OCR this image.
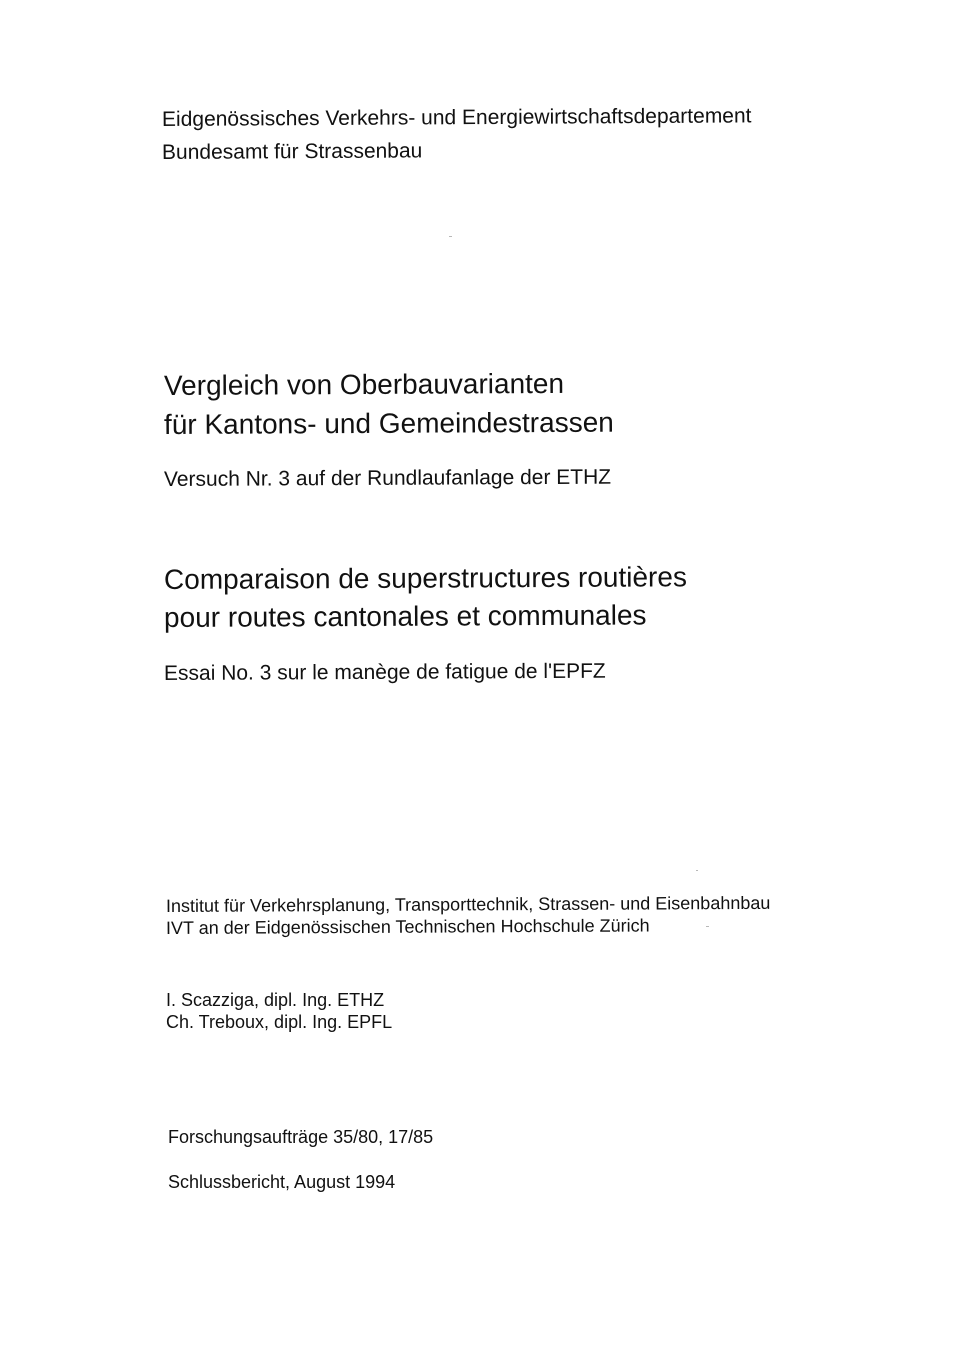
Eidgenössisches Verkehrs- und Energiewirtschaftsdepartement
Bundesamt für Strassenbau
Vergleich von Oberbauvarianten
für Kantons- und Gemeindestrassen
Versuch Nr. 3 auf der Rundlaufanlage der ETHZ
Comparaison de superstructures routières
pour routes cantonales et communales
Essai No. 3 sur le manège de fatigue de l'EPFZ
Institut für Verkehrsplanung, Transporttechnik, Strassen- und Eisenbahnbau
IVT an der Eidgenössischen Technischen Hochschule Zürich
I. Scazziga, dipl. Ing. ETHZ
Ch. Treboux, dipl. Ing. EPFL
Forschungsaufträge 35/80, 17/85
Schlussbericht, August 1994
